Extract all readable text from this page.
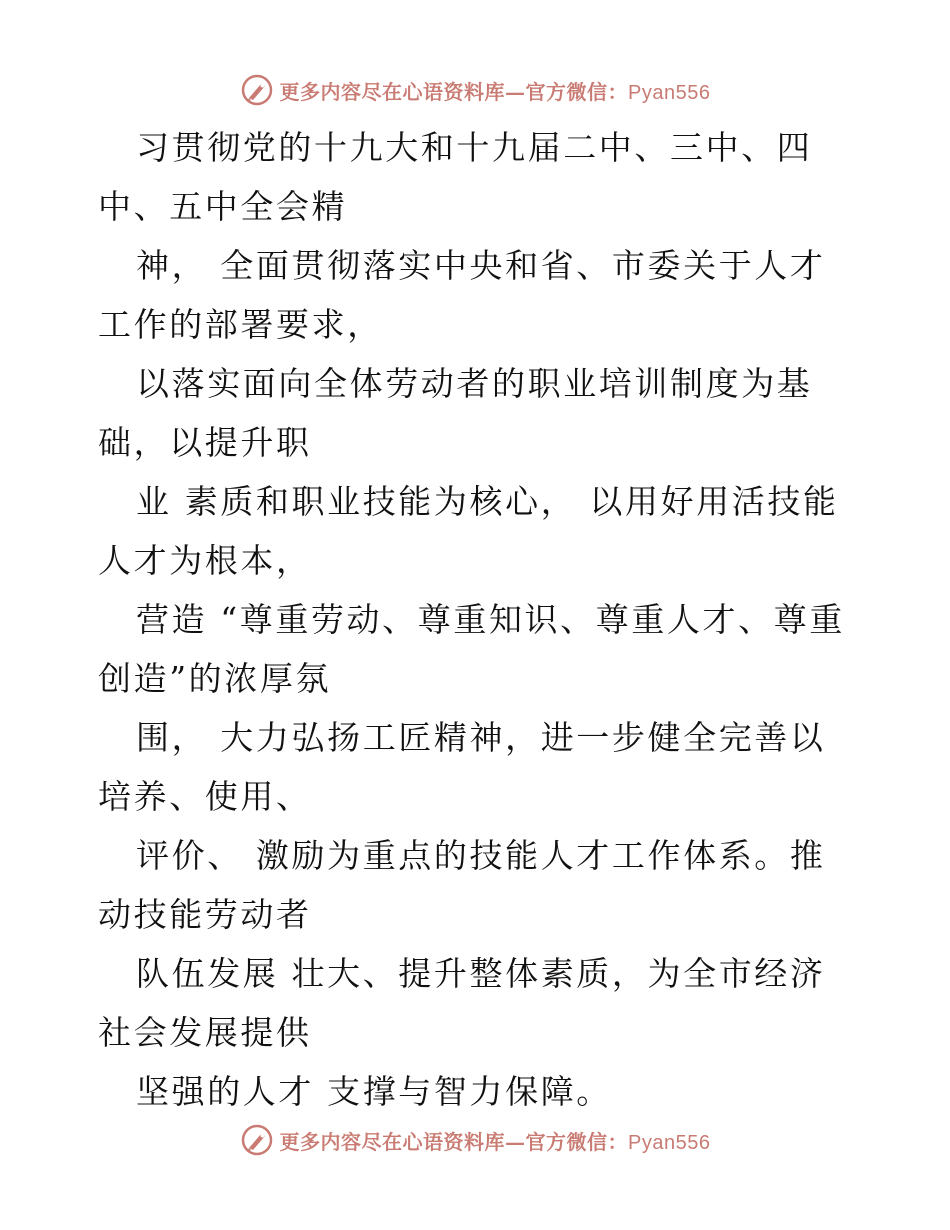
更多内容尽在心语资料库—官方微信：Pyan556

习贯彻党的十九大和十九届二中、三中、四中、五中全会精

神， 全面贯彻落实中央和省、市委关于人才工作的部署要求，

以落实面向全体劳动者的职业培训制度为基础，以提升职

业 素质和职业技能为核心， 以用好用活技能人才为根本，

营造 “尊重劳动、尊重知识、尊重人才、尊重创造”的浓厚氛

围， 大力弘扬工匠精神，进一步健全完善以培养、使用、

评价、 激励为重点的技能人才工作体系。推动技能劳动者

队伍发展 壮大、提升整体素质，为全市经济社会发展提供

坚强的人才 支撑与智力保障。

更多内容尽在心语资料库—官方微信：Pyan556
